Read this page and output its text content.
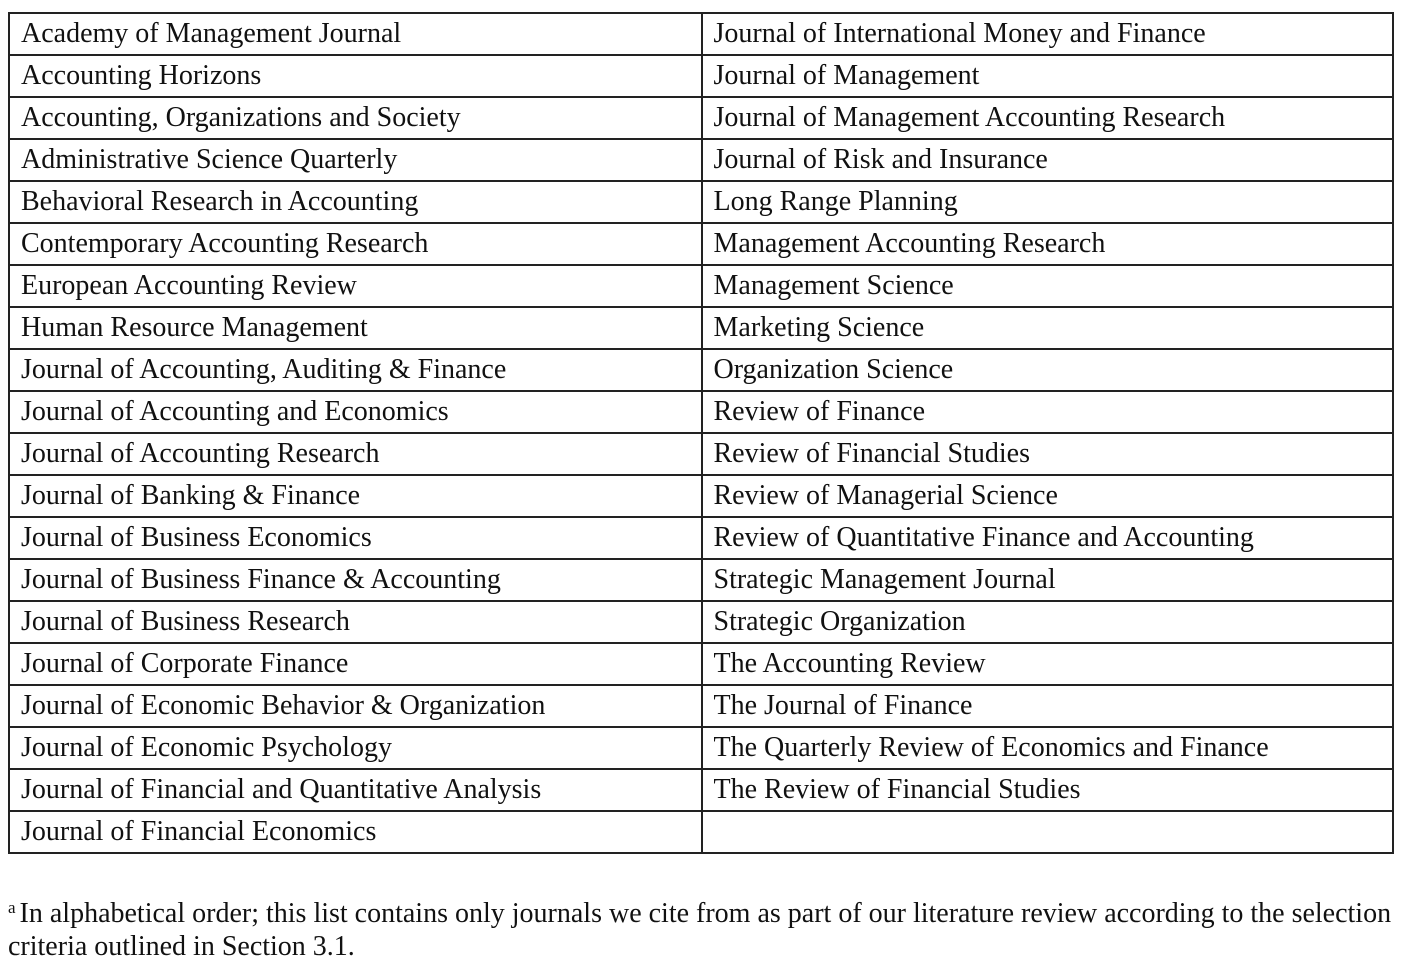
Academy of Management Journal	Journal of International Money and Finance
Accounting Horizons	Journal of Management
Accounting, Organizations and Society	Journal of Management Accounting Research
Administrative Science Quarterly	Journal of Risk and Insurance
Behavioral Research in Accounting	Long Range Planning
Contemporary Accounting Research	Management Accounting Research
European Accounting Review	Management Science
Human Resource Management	Marketing Science
Journal of Accounting, Auditing & Finance	Organization Science
Journal of Accounting and Economics	Review of Finance
Journal of Accounting Research	Review of Financial Studies
Journal of Banking & Finance	Review of Managerial Science
Journal of Business Economics	Review of Quantitative Finance and Accounting
Journal of Business Finance & Accounting	Strategic Management Journal
Journal of Business Research	Strategic Organization
Journal of Corporate Finance	The Accounting Review
Journal of Economic Behavior & Organization	The Journal of Finance
Journal of Economic Psychology	The Quarterly Review of Economics and Finance
Journal of Financial and Quantitative Analysis	The Review of Financial Studies
Journal of Financial Economics	

$^a$ In alphabetical order; this list contains only journals we cite from as part of our literature review according to the selection criteria outlined in Section 3.1.
